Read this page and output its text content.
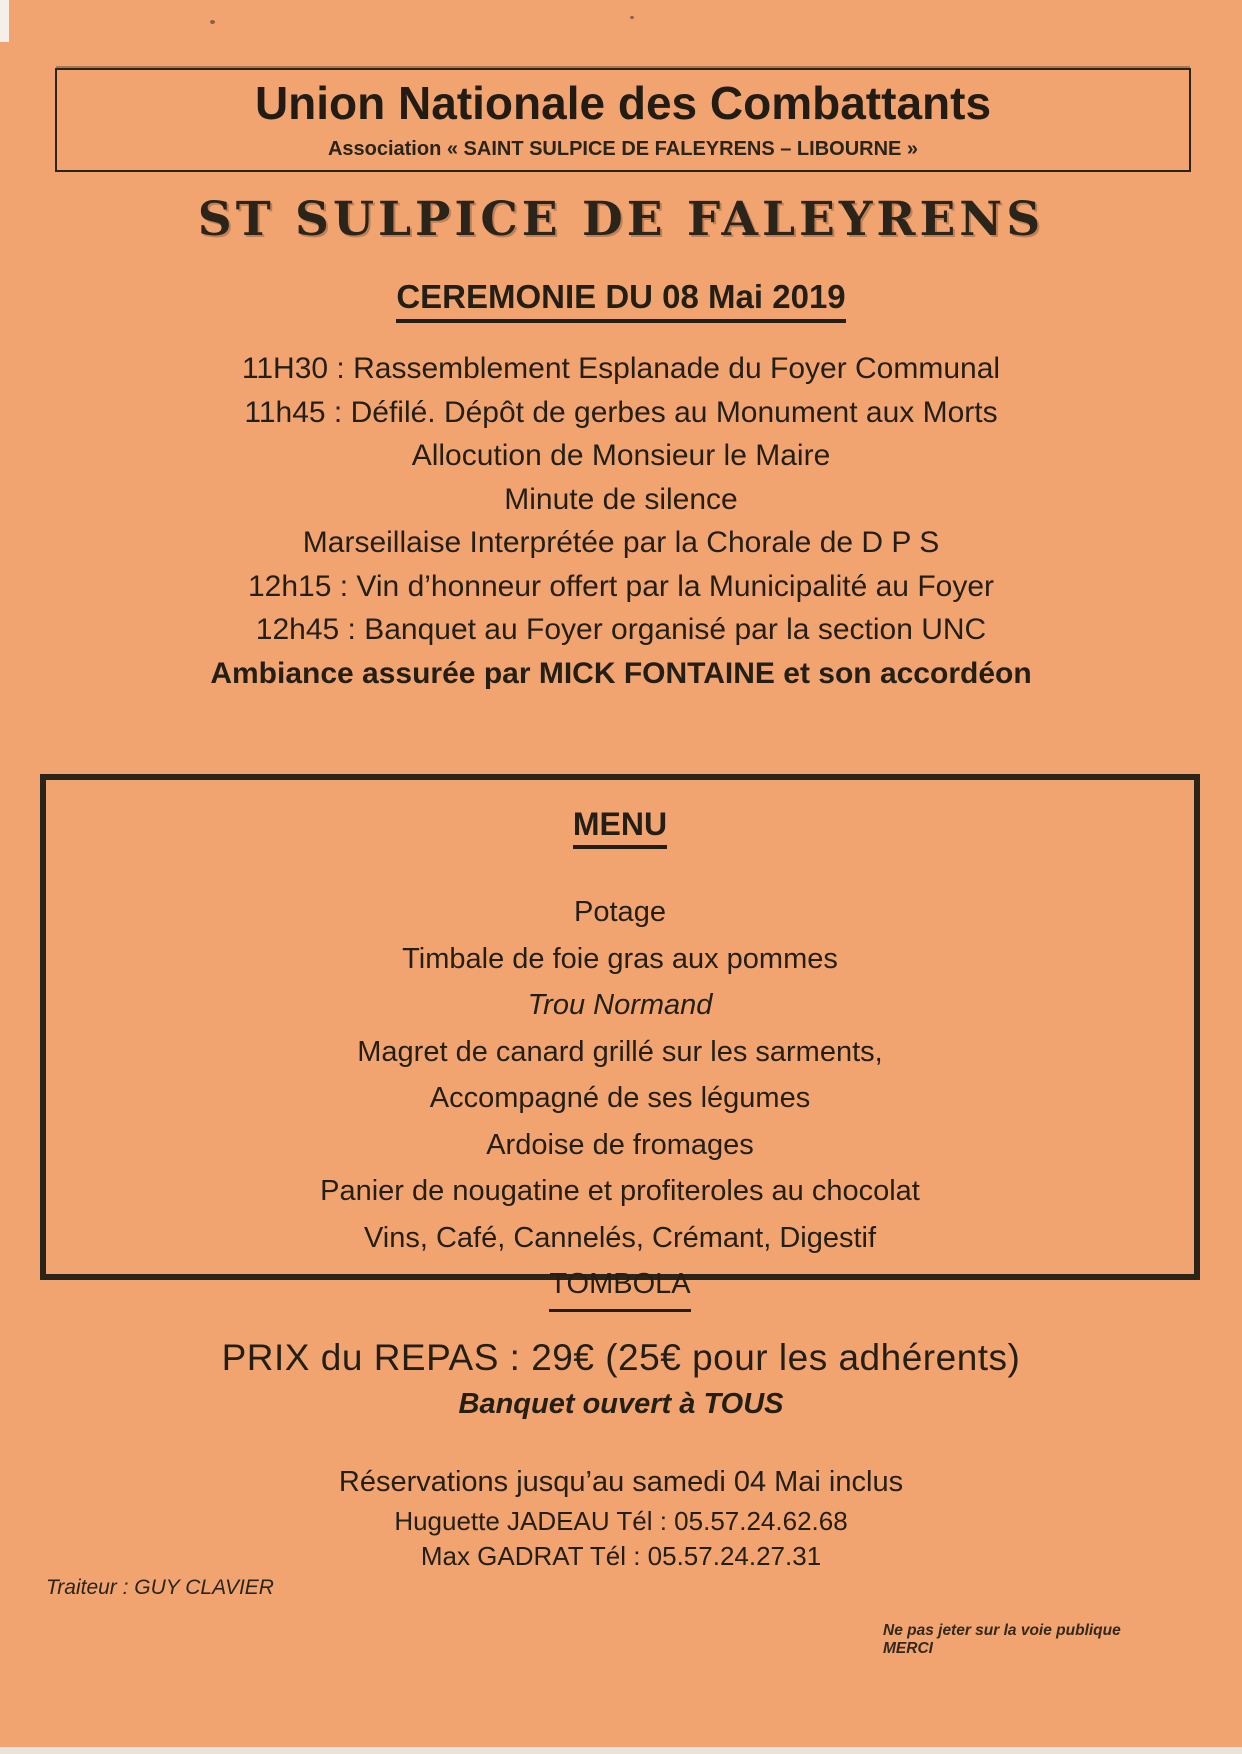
Union Nationale des Combattants
Association « SAINT SULPICE DE FALEYRENS – LIBOURNE »
ST SULPICE DE FALEYRENS
CEREMONIE DU 08 Mai 2019
11H30 : Rassemblement Esplanade du Foyer Communal
11h45 : Défilé. Dépôt de gerbes au Monument aux Morts
Allocution de Monsieur le Maire
Minute de silence
Marseillaise Interprétée par la Chorale de D P S
12h15 : Vin d’honneur offert par la Municipalité au Foyer
12h45 : Banquet au Foyer organisé par la section UNC
Ambiance assurée par MICK FONTAINE et son accordéon
MENU
Potage
Timbale de foie gras aux pommes
Trou Normand
Magret de canard grillé sur les sarments,
Accompagné de ses légumes
Ardoise de fromages
Panier de nougatine et profiteroles au chocolat
Vins, Café, Cannelés, Crémant, Digestif
TOMBOLA
PRIX du REPAS : 29€ (25€ pour les adhérents)
Banquet ouvert à TOUS
Réservations jusqu’au samedi 04 Mai inclus
Huguette JADEAU Tél : 05.57.24.62.68
Max GADRAT Tél : 05.57.24.27.31
Traiteur : GUY CLAVIER
Ne pas jeter sur la voie publique MERCI
